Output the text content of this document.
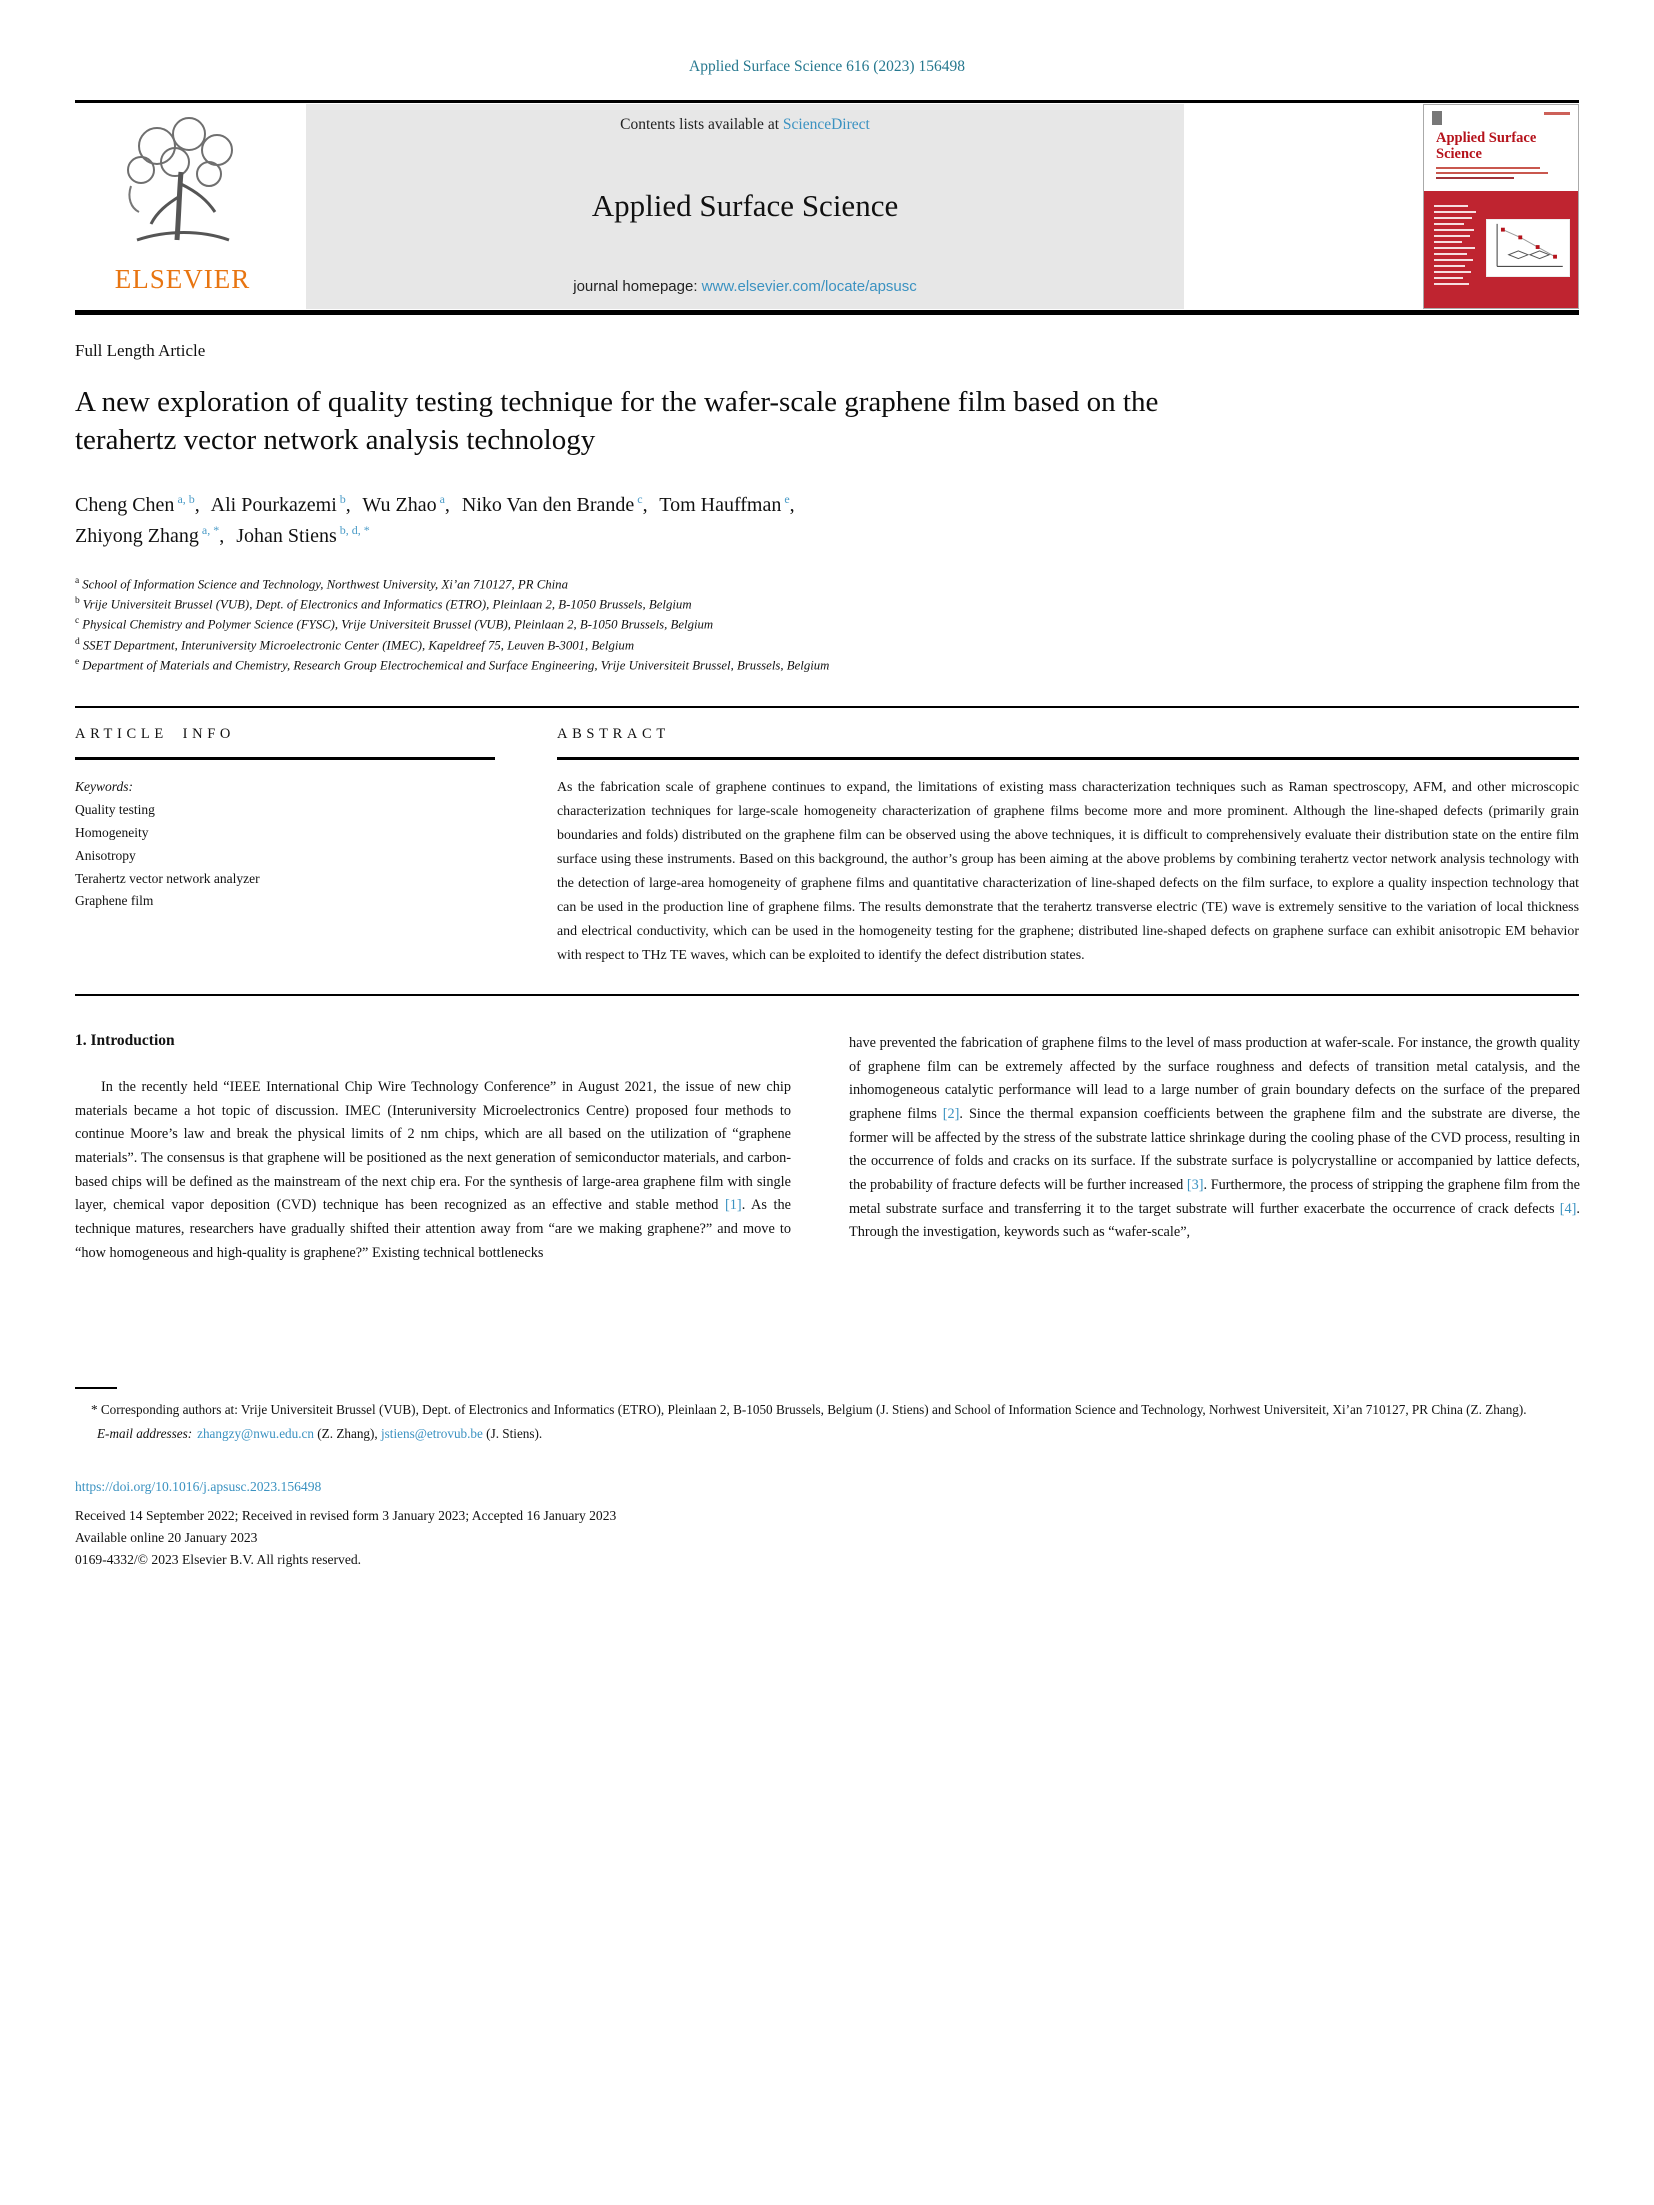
Applied Surface Science 616 (2023) 156498
ELSEVIER
Contents lists available at ScienceDirect
Applied Surface Science
journal homepage: www.elsevier.com/locate/apsusc
Applied Surface Science
Full Length Article
A new exploration of quality testing technique for the wafer-scale graphene film based on the terahertz vector network analysis technology
Cheng Chen $^{a, b}$, Ali Pourkazemi $^b$, Wu Zhao $^a$, Niko Van den Brande $^c$, Tom Hauffman $^e$,
Zhiyong Zhang $^{a, *}$, Johan Stiens $^{b, d, *}$
$^a$ School of Information Science and Technology, Northwest University, Xi’an 710127, PR China
$^b$ Vrije Universiteit Brussel (VUB), Dept. of Electronics and Informatics (ETRO), Pleinlaan 2, B-1050 Brussels, Belgium
$^c$ Physical Chemistry and Polymer Science (FYSC), Vrije Universiteit Brussel (VUB), Pleinlaan 2, B-1050 Brussels, Belgium
$^d$ SSET Department, Interuniversity Microelectronic Center (IMEC), Kapeldreef 75, Leuven B-3001, Belgium
$^e$ Department of Materials and Chemistry, Research Group Electrochemical and Surface Engineering, Vrije Universiteit Brussel, Brussels, Belgium
ARTICLE INFO
Keywords:
Quality testing
Homogeneity
Anisotropy
Terahertz vector network analyzer
Graphene film
ABSTRACT

As the fabrication scale of graphene continues to expand, the limitations of existing mass characterization techniques such as Raman spectroscopy, AFM, and other microscopic characterization techniques for large-scale homogeneity characterization of graphene films become more and more prominent. Although the line-shaped defects (primarily grain boundaries and folds) distributed on the graphene film can be observed using the above techniques, it is difficult to comprehensively evaluate their distribution state on the entire film surface using these instruments. Based on this background, the author’s group has been aiming at the above problems by combining terahertz vector network analysis technology with the detection of large-area homogeneity of graphene films and quantitative characterization of line-shaped defects on the film surface, to explore a quality inspection technology that can be used in the production line of graphene films. The results demonstrate that the terahertz transverse electric (TE) wave is extremely sensitive to the variation of local thickness and electrical conductivity, which can be used in the homogeneity testing for the graphene; distributed line-shaped defects on graphene surface can exhibit anisotropic EM behavior with respect to THz TE waves, which can be exploited to identify the defect distribution states.

1. Introduction

In the recently held “IEEE International Chip Wire Technology Conference” in August 2021, the issue of new chip materials became a hot topic of discussion. IMEC (Interuniversity Microelectronics Centre) proposed four methods to continue Moore’s law and break the physical limits of 2 nm chips, which are all based on the utilization of “graphene materials”. The consensus is that graphene will be positioned as the next generation of semiconductor materials, and carbon-based chips will be defined as the mainstream of the next chip era. For the synthesis of large-area graphene film with single layer, chemical vapor deposition (CVD) technique has been recognized as an effective and stable method [1]. As the technique matures, researchers have gradually shifted their attention away from “are we making graphene?” and move to “how homogeneous and high-quality is graphene?” Existing technical bottlenecks

have prevented the fabrication of graphene films to the level of mass production at wafer-scale. For instance, the growth quality of graphene film can be extremely affected by the surface roughness and defects of transition metal catalysis, and the inhomogeneous catalytic performance will lead to a large number of grain boundary defects on the surface of the prepared graphene films [2]. Since the thermal expansion coefficients between the graphene film and the substrate are diverse, the former will be affected by the stress of the substrate lattice shrinkage during the cooling phase of the CVD process, resulting in the occurrence of folds and cracks on its surface. If the substrate surface is polycrystalline or accompanied by lattice defects, the probability of fracture defects will be further increased [3]. Furthermore, the process of stripping the graphene film from the metal substrate surface and transferring it to the target substrate will further exacerbate the occurrence of crack defects [4]. Through the investigation, keywords such as “wafer-scale”,

* Corresponding authors at: Vrije Universiteit Brussel (VUB), Dept. of Electronics and Informatics (ETRO), Pleinlaan 2, B-1050 Brussels, Belgium (J. Stiens) and School of Information Science and Technology, Norhwest Universiteit, Xi’an 710127, PR China (Z. Zhang).

E-mail addresses: zhangzy@nwu.edu.cn (Z. Zhang), jstiens@etrovub.be (J. Stiens).

https://doi.org/10.1016/j.apsusc.2023.156498

Received 14 September 2022; Received in revised form 3 January 2023; Accepted 16 January 2023

Available online 20 January 2023

0169-4332/© 2023 Elsevier B.V. All rights reserved.
